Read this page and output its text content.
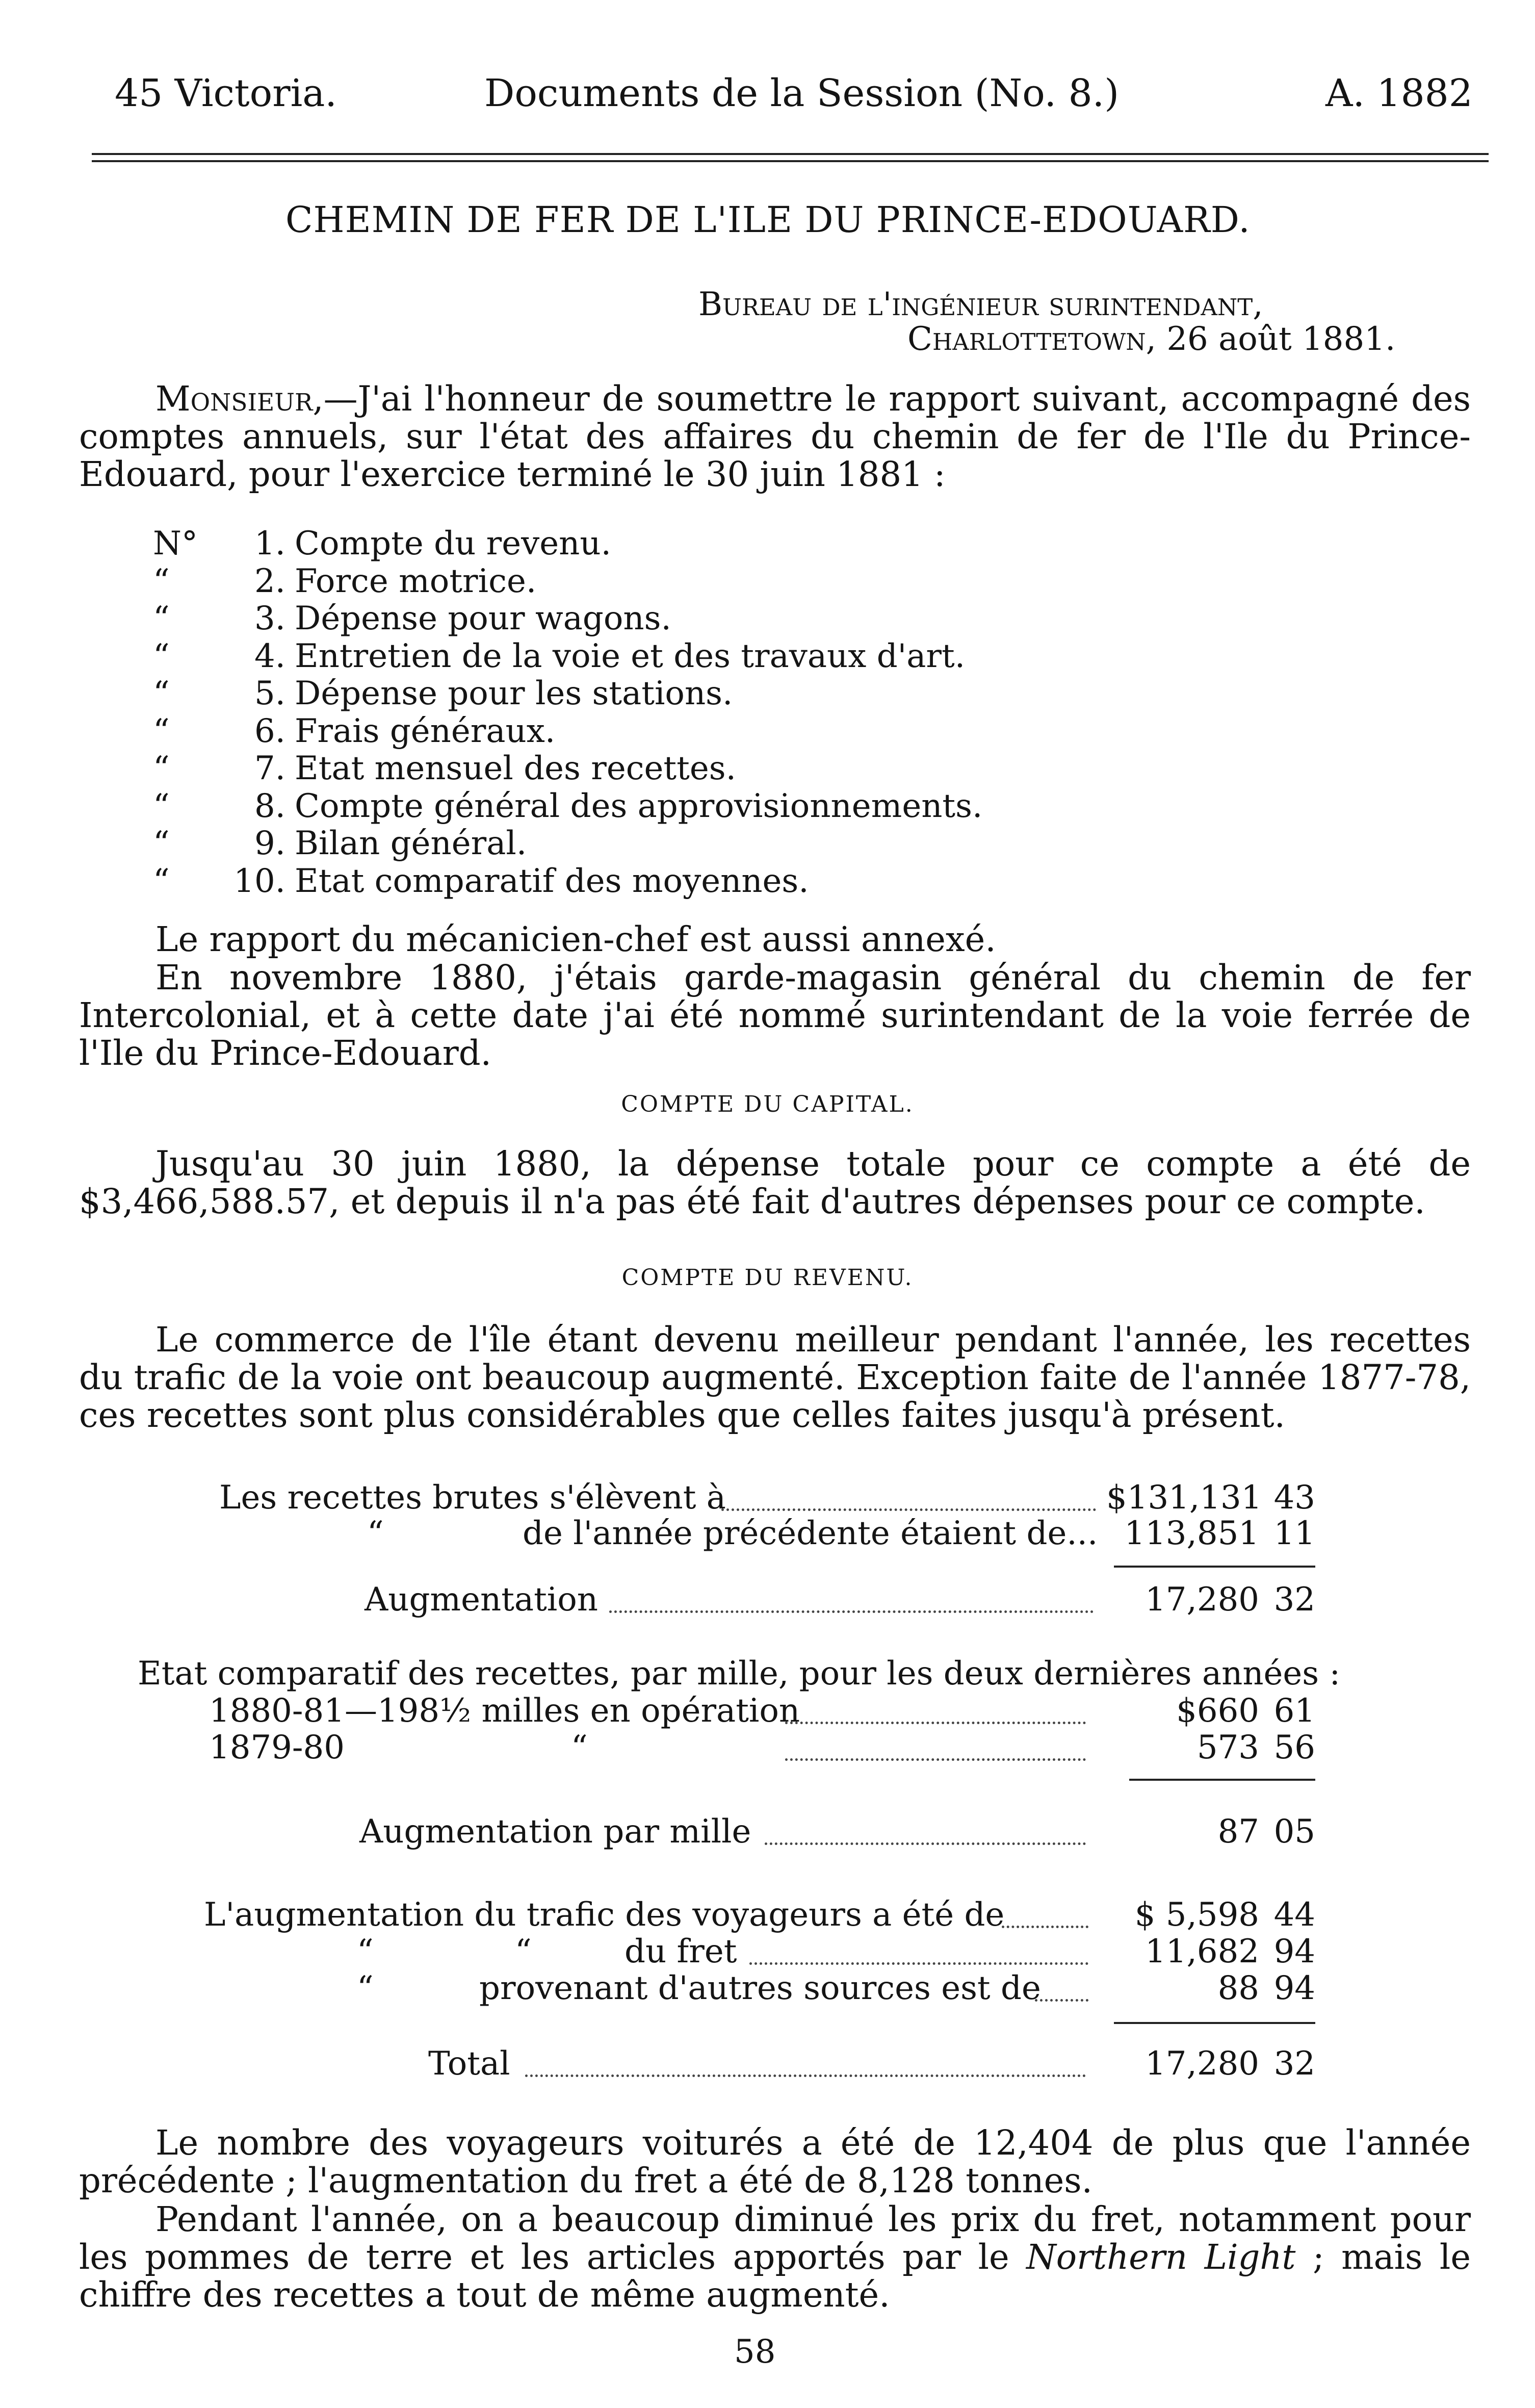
45 Victoria.	Documents de la Session (No. 8.)	A. 1882
CHEMIN DE FER DE L'ILE DU PRINCE-EDOUARD.
Bureau de l'ingénieur surintendant,
Charlottetown, 26 août 1881.
Monsieur,—J'ai l'honneur de soumettre le rapport suivant, accompagné des comptes annuels, sur l'état des affaires du chemin de fer de l'Ile du Prince-Edouard, pour l'exercice terminé le 30 juin 1881 :
N°	1. Compte du revenu.
“	2. Force motrice.
“	3. Dépense pour wagons.
“	4. Entretien de la voie et des travaux d'art.
“	5. Dépense pour les stations.
“	6. Frais généraux.
“	7. Etat mensuel des recettes.
“	8. Compte général des approvisionnements.
“	9. Bilan général.
“	10. Etat comparatif des moyennes.
Le rapport du mécanicien-chef est aussi annexé.
En novembre 1880, j'étais garde-magasin général du chemin de fer Intercolonial, et à cette date j'ai été nommé surintendant de la voie ferrée de l'Ile du Prince-Edouard.
COMPTE DU CAPITAL.
Jusqu'au 30 juin 1880, la dépense totale pour ce compte a été de $3,466,588.57, et depuis il n'a pas été fait d'autres dépenses pour ce compte.
COMPTE DU REVENU.
Le commerce de l'île étant devenu meilleur pendant l'année, les recettes du trafic de la voie ont beaucoup augmenté. Exception faite de l'année 1877-78, ces recettes sont plus considérables que celles faites jusqu'à présent.
Les recettes brutes s'élèvent à	$131,131 43
“	de l'année précédente étaient de... 113,851 11
Augmentation	17,280 32
Etat comparatif des recettes, par mille, pour les deux dernières années :
1880-81—198½ milles en opération	$660 61
1879-80	“	573 56
Augmentation par mille	87 05
L'augmentation du trafic des voyageurs a été de	$ 5,598 44
“	“	du fret	11,682 94
“	provenant d'autres sources est de	88 94
Total	17,280 32
Le nombre des voyageurs voiturés a été de 12,404 de plus que l'année précédente ; l'augmentation du fret a été de 8,128 tonnes.
Pendant l'année, on a beaucoup diminué les prix du fret, notamment pour les pommes de terre et les articles apportés par le Northern Light ; mais le chiffre des recettes a tout de même augmenté.
58
